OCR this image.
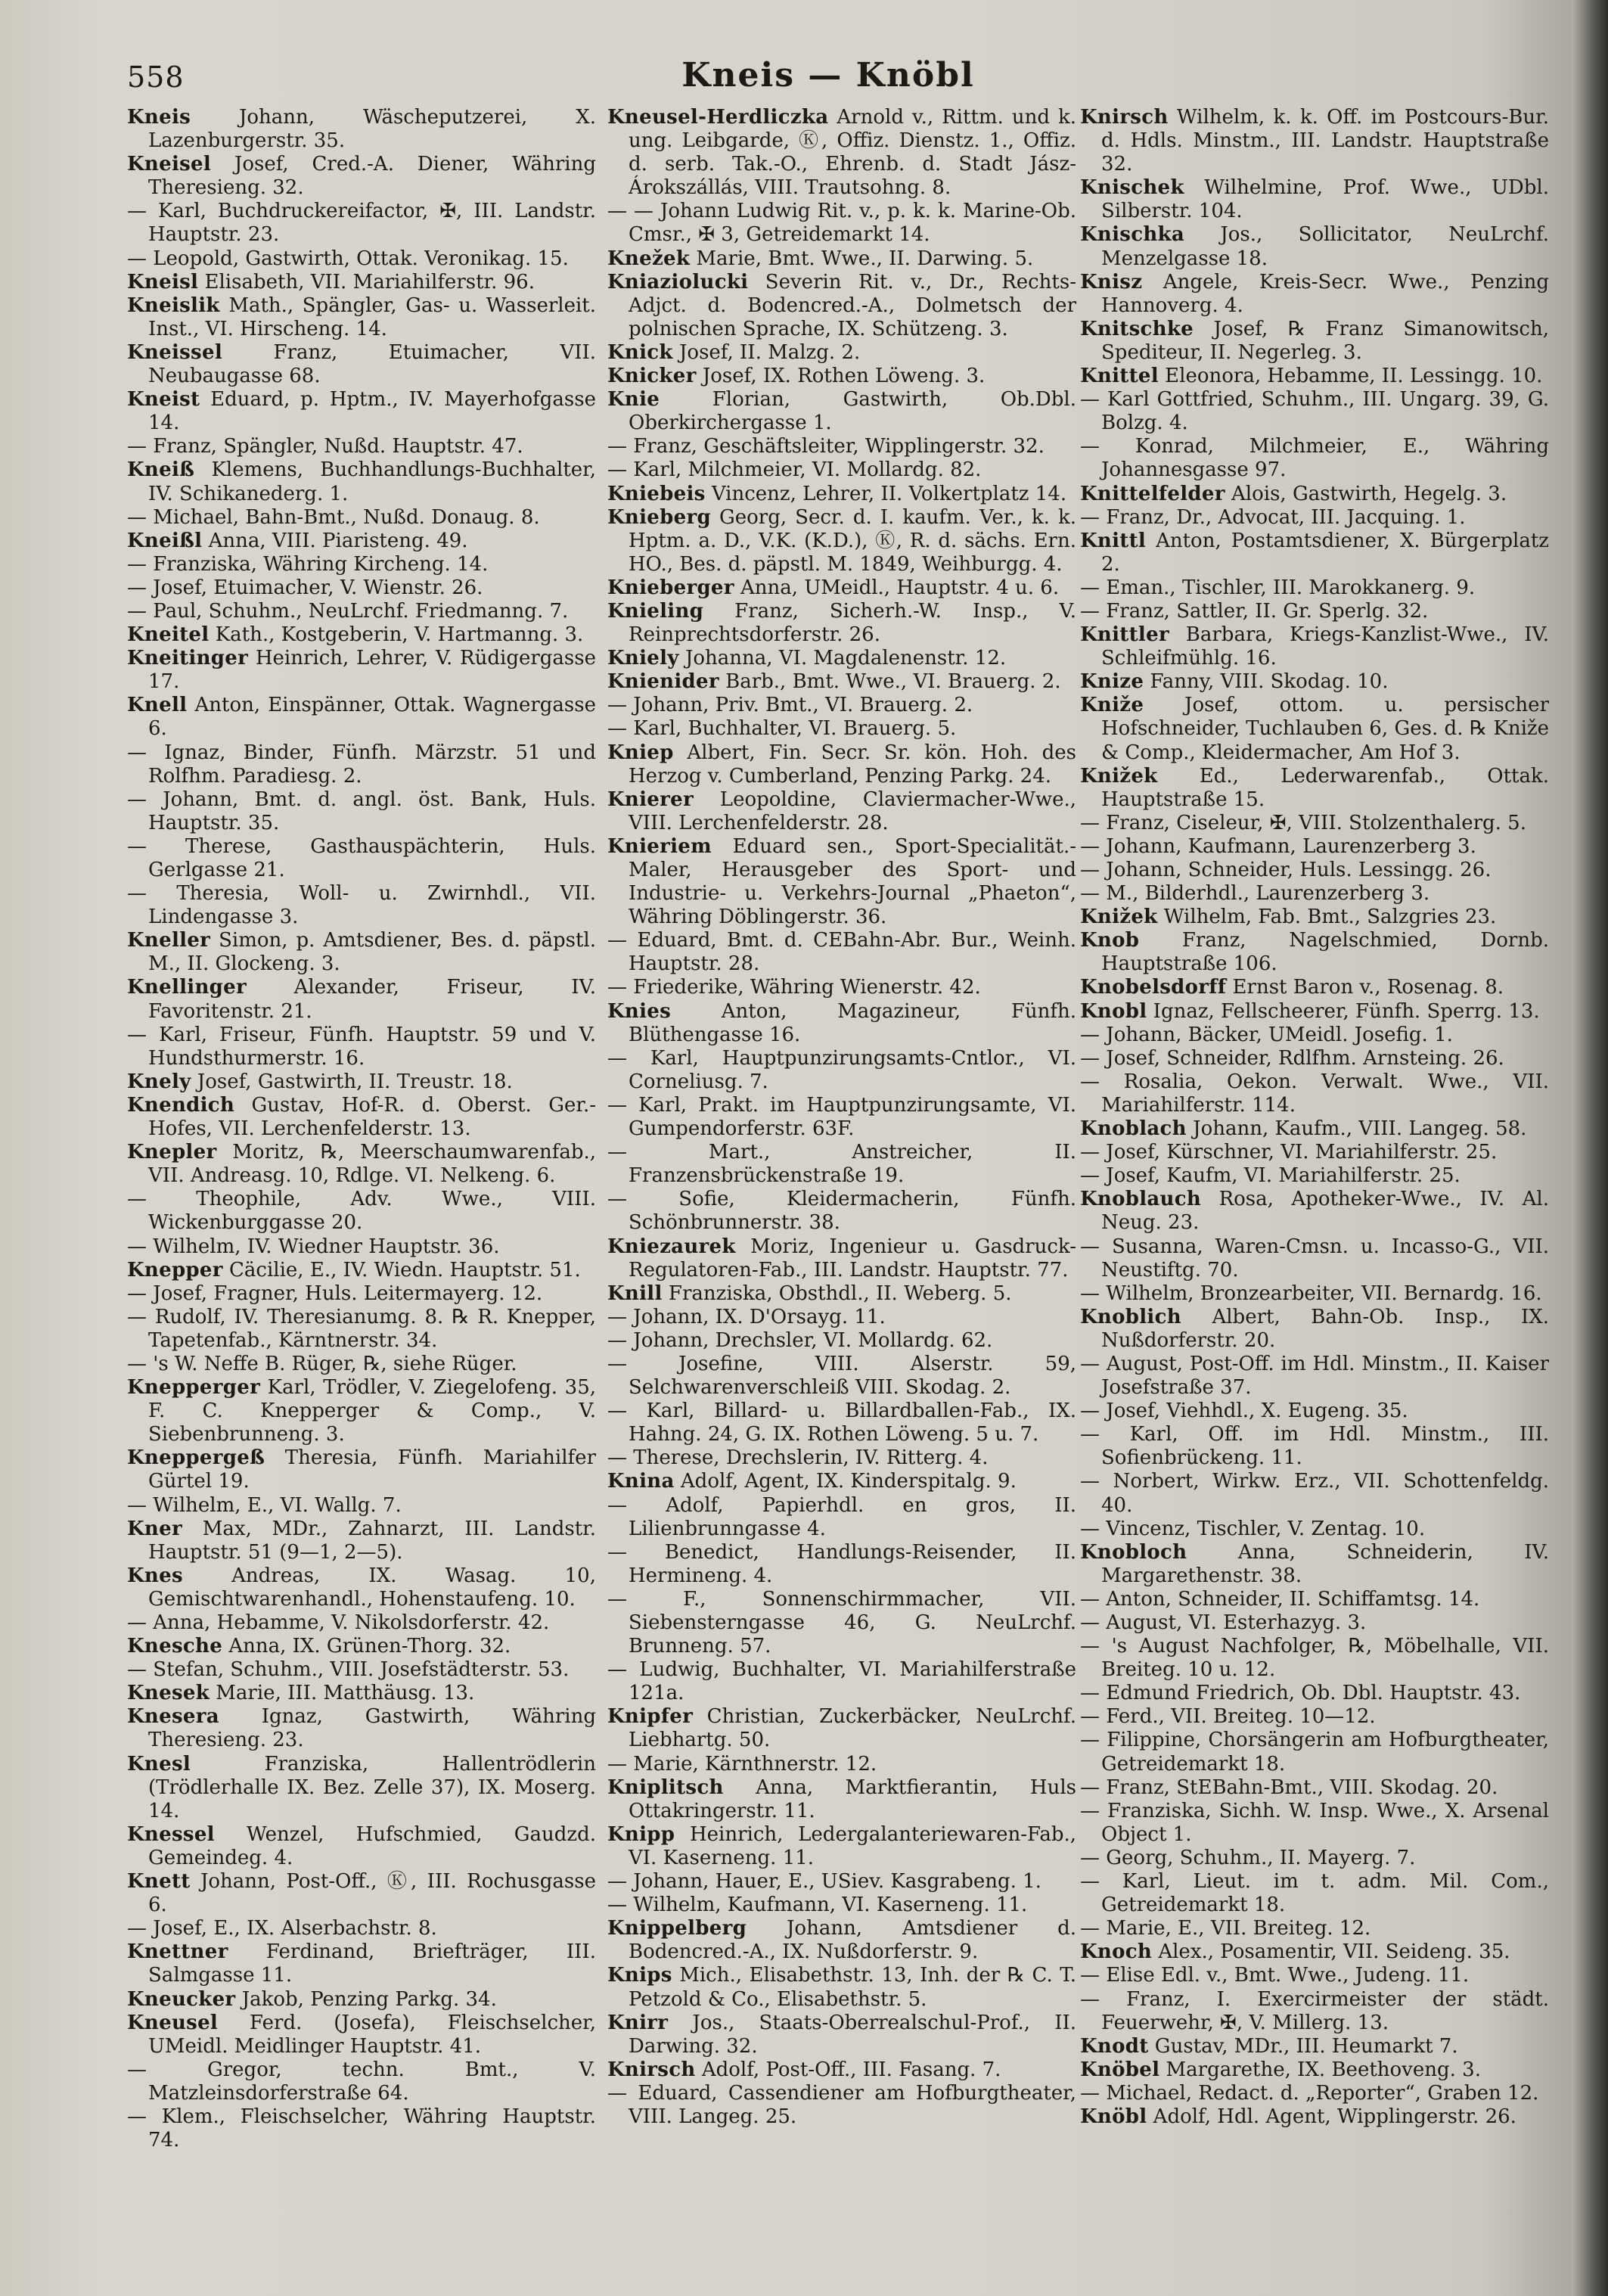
558	Kneis — Knöbl

Kneis Johann, Wäscheputzerei, X. Lazenburgerstr. 35.

Kneisel Josef, Cred.-A. Diener, Währing Theresieng. 32.

— Karl, Buchdruckereifactor, ✠, III. Landstr. Hauptstr. 23.

— Leopold, Gastwirth, Ottak. Veronikag. 15.

Kneisl Elisabeth, VII. Mariahilferstr. 96.

Kneislik Math., Spängler, Gas- u. Wasserleit. Inst., VI. Hirscheng. 14.

Kneissel Franz, Etuimacher, VII. Neubaugasse 68.

Kneist Eduard, p. Hptm., IV. Mayerhofgasse 14.

— Franz, Spängler, Nußd. Hauptstr. 47.

Kneiß Klemens, Buchhandlungs-Buchhalter, IV. Schikanederg. 1.

— Michael, Bahn-Bmt., Nußd. Donaug. 8.

Kneißl Anna, VIII. Piaristeng. 49.

— Franziska, Währing Kircheng. 14.

— Josef, Etuimacher, V. Wienstr. 26.

— Paul, Schuhm., NeuLrchf. Friedmanng. 7.

Kneitel Kath., Kostgeberin, V. Hartmanng. 3.

Kneitinger Heinrich, Lehrer, V. Rüdigergasse 17.

Knell Anton, Einspänner, Ottak. Wagnergasse 6.

— Ignaz, Binder, Fünfh. Märzstr. 51 und Rolfhm. Paradiesg. 2.

— Johann, Bmt. d. angl. öst. Bank, Huls. Hauptstr. 35.

— Therese, Gasthauspächterin, Huls. Gerlgasse 21.

— Theresia, Woll- u. Zwirnhdl., VII. Lindengasse 3.

Kneller Simon, p. Amtsdiener, Bes. d. päpstl. M., II. Glockeng. 3.

Knellinger Alexander, Friseur, IV. Favoritenstr. 21.

— Karl, Friseur, Fünfh. Hauptstr. 59 und V. Hundsthurmerstr. 16.

Knely Josef, Gastwirth, II. Treustr. 18.

Knendich Gustav, Hof-R. d. Oberst. Ger.-Hofes, VII. Lerchenfelderstr. 13.

Knepler Moritz, ℞, Meerschaumwarenfab., VII. Andreasg. 10, Rdlge. VI. Nelkeng. 6.

— Theophile, Adv. Wwe., VIII. Wickenburggasse 20.

— Wilhelm, IV. Wiedner Hauptstr. 36.

Knepper Cäcilie, E., IV. Wiedn. Hauptstr. 51.

— Josef, Fragner, Huls. Leitermayerg. 12.

— Rudolf, IV. Theresianumg. 8. ℞ R. Knepper, Tapetenfab., Kärntnerstr. 34.

— 's W. Neffe B. Rüger, ℞, siehe Rüger.

Knepperger Karl, Trödler, V. Ziegelofeng. 35, F. C. Knepperger & Comp., V. Siebenbrunneng. 3.

Kneppergeß Theresia, Fünfh. Mariahilfer Gürtel 19.

— Wilhelm, E., VI. Wallg. 7.

Kner Max, MDr., Zahnarzt, III. Landstr. Hauptstr. 51 (9—1, 2—5).

Knes Andreas, IX. Wasag. 10, Gemischtwarenhandl., Hohenstaufeng. 10.

— Anna, Hebamme, V. Nikolsdorferstr. 42.

Knesche Anna, IX. Grünen-Thorg. 32.

— Stefan, Schuhm., VIII. Josefstädterstr. 53.

Knesek Marie, III. Matthäusg. 13.

Knesera Ignaz, Gastwirth, Währing Theresieng. 23.

Knesl Franziska, Hallentrödlerin (Trödlerhalle IX. Bez. Zelle 37), IX. Moserg. 14.

Knessel Wenzel, Hufschmied, Gaudzd. Gemeindeg. 4.

Knett Johann, Post-Off., Ⓚ, III. Rochusgasse 6.

— Josef, E., IX. Alserbachstr. 8.

Knettner Ferdinand, Briefträger, III. Salmgasse 11.

Kneucker Jakob, Penzing Parkg. 34.

Kneusel Ferd. (Josefa), Fleischselcher, UMeidl. Meidlinger Hauptstr. 41.

— Gregor, techn. Bmt., V. Matzleinsdorferstraße 64.

— Klem., Fleischselcher, Währing Hauptstr. 74.

Kneusel-Herdliczka Arnold v., Rittm. und k. ung. Leibgarde, Ⓚ, Offiz. Dienstz. 1., Offiz. d. serb. Tak.-O., Ehrenb. d. Stadt Jász-Árokszállás, VIII. Trautsohng. 8.

— — Johann Ludwig Rit. v., p. k. k. Marine-Ob. Cmsr., ✠ 3, Getreidemarkt 14.

Knežek Marie, Bmt. Wwe., II. Darwing. 5.

Kniaziolucki Severin Rit. v., Dr., Rechts-Adjct. d. Bodencred.-A., Dolmetsch der polnischen Sprache, IX. Schützeng. 3.

Knick Josef, II. Malzg. 2.

Knicker Josef, IX. Rothen Löweng. 3.

Knie Florian, Gastwirth, Ob.Dbl. Oberkirchergasse 1.

— Franz, Geschäftsleiter, Wipplingerstr. 32.

— Karl, Milchmeier, VI. Mollardg. 82.

Kniebeis Vincenz, Lehrer, II. Volkertplatz 14.

Knieberg Georg, Secr. d. I. kaufm. Ver., k. k. Hptm. a. D., V.K. (K.D.), Ⓚ, R. d. sächs. Ern. HO., Bes. d. päpstl. M. 1849, Weihburgg. 4.

Knieberger Anna, UMeidl., Hauptstr. 4 u. 6.

Knieling Franz, Sicherh.-W. Insp., V. Reinprechtsdorferstr. 26.

Kniely Johanna, VI. Magdalenenstr. 12.

Knienider Barb., Bmt. Wwe., VI. Brauerg. 2.

— Johann, Priv. Bmt., VI. Brauerg. 2.

— Karl, Buchhalter, VI. Brauerg. 5.

Kniep Albert, Fin. Secr. Sr. kön. Hoh. des Herzog v. Cumberland, Penzing Parkg. 24.

Knierer Leopoldine, Claviermacher-Wwe., VIII. Lerchenfelderstr. 28.

Knieriem Eduard sen., Sport-Specialität.-Maler, Herausgeber des Sport- und Industrie- u. Verkehrs-Journal „Phaeton“, Währing Döblingerstr. 36.

— Eduard, Bmt. d. CEBahn-Abr. Bur., Weinh. Hauptstr. 28.

— Friederike, Währing Wienerstr. 42.

Knies Anton, Magazineur, Fünfh. Blüthengasse 16.

— Karl, Hauptpunzirungsamts-Cntlor., VI. Corneliusg. 7.

— Karl, Prakt. im Hauptpunzirungsamte, VI. Gumpendorferstr. 63F.

— Mart., Anstreicher, II. Franzensbrückenstraße 19.

— Sofie, Kleidermacherin, Fünfh. Schönbrunnerstr. 38.

Kniezaurek Moriz, Ingenieur u. Gasdruck-Regulatoren-Fab., III. Landstr. Hauptstr. 77.

Knill Franziska, Obsthdl., II. Weberg. 5.

— Johann, IX. D'Orsayg. 11.

— Johann, Drechsler, VI. Mollardg. 62.

— Josefine, VIII. Alserstr. 59, Selchwarenverschleiß VIII. Skodag. 2.

— Karl, Billard- u. Billardballen-Fab., IX. Hahng. 24, G. IX. Rothen Löweng. 5 u. 7.

— Therese, Drechslerin, IV. Ritterg. 4.

Knina Adolf, Agent, IX. Kinderspitalg. 9.

— Adolf, Papierhdl. en gros, II. Lilienbrunngasse 4.

— Benedict, Handlungs-Reisender, II. Hermineng. 4.

— F., Sonnenschirmmacher, VII. Siebensterngasse 46, G. NeuLrchf. Brunneng. 57.

— Ludwig, Buchhalter, VI. Mariahilferstraße 121a.

Knipfer Christian, Zuckerbäcker, NeuLrchf. Liebhartg. 50.

— Marie, Kärnthnerstr. 12.

Kniplitsch Anna, Marktfierantin, Huls Ottakringerstr. 11.

Knipp Heinrich, Ledergalanteriewaren-Fab., VI. Kaserneng. 11.

— Johann, Hauer, E., USiev. Kasgrabeng. 1.

— Wilhelm, Kaufmann, VI. Kaserneng. 11.

Knippelberg Johann, Amtsdiener d. Bodencred.-A., IX. Nußdorferstr. 9.

Knips Mich., Elisabethstr. 13, Inh. der ℞ C. T. Petzold & Co., Elisabethstr. 5.

Knirr Jos., Staats-Oberrealschul-Prof., II. Darwing. 32.

Knirsch Adolf, Post-Off., III. Fasang. 7.

— Eduard, Cassendiener am Hofburgtheater, VIII. Langeg. 25.

Knirsch Wilhelm, k. k. Off. im Postcours-Bur. d. Hdls. Minstm., III. Landstr. Hauptstraße 32.

Knischek Wilhelmine, Prof. Wwe., UDbl. Silberstr. 104.

Knischka Jos., Sollicitator, NeuLrchf. Menzelgasse 18.

Knisz Angele, Kreis-Secr. Wwe., Penzing Hannoverg. 4.

Knitschke Josef, ℞ Franz Simanowitsch, Spediteur, II. Negerleg. 3.

Knittel Eleonora, Hebamme, II. Lessingg. 10.

— Karl Gottfried, Schuhm., III. Ungarg. 39, G. Bolzg. 4.

— Konrad, Milchmeier, E., Währing Johannesgasse 97.

Knittelfelder Alois, Gastwirth, Hegelg. 3.

— Franz, Dr., Advocat, III. Jacquing. 1.

Knittl Anton, Postamtsdiener, X. Bürgerplatz 2.

— Eman., Tischler, III. Marokkanerg. 9.

— Franz, Sattler, II. Gr. Sperlg. 32.

Knittler Barbara, Kriegs-Kanzlist-Wwe., IV. Schleifmühlg. 16.

Knize Fanny, VIII. Skodag. 10.

Kniže Josef, ottom. u. persischer Hofschneider, Tuchlauben 6, Ges. d. ℞ Kniže & Comp., Kleidermacher, Am Hof 3.

Knižek Ed., Lederwarenfab., Ottak. Hauptstraße 15.

— Franz, Ciseleur, ✠, VIII. Stolzenthalerg. 5.

— Johann, Kaufmann, Laurenzerberg 3.

— Johann, Schneider, Huls. Lessingg. 26.

— M., Bilderhdl., Laurenzerberg 3.

Knižek Wilhelm, Fab. Bmt., Salzgries 23.

Knob Franz, Nagelschmied, Dornb. Hauptstraße 106.

Knobelsdorff Ernst Baron v., Rosenag. 8.

Knobl Ignaz, Fellscheerer, Fünfh. Sperrg. 13.

— Johann, Bäcker, UMeidl. Josefig. 1.

— Josef, Schneider, Rdlfhm. Arnsteing. 26.

— Rosalia, Oekon. Verwalt. Wwe., VII. Mariahilferstr. 114.

Knoblach Johann, Kaufm., VIII. Langeg. 58.

— Josef, Kürschner, VI. Mariahilferstr. 25.

— Josef, Kaufm, VI. Mariahilferstr. 25.

Knoblauch Rosa, Apotheker-Wwe., IV. Al. Neug. 23.

— Susanna, Waren-Cmsn. u. Incasso-G., VII. Neustiftg. 70.

— Wilhelm, Bronzearbeiter, VII. Bernardg. 16.

Knoblich Albert, Bahn-Ob. Insp., IX. Nußdorferstr. 20.

— August, Post-Off. im Hdl. Minstm., II. Kaiser Josefstraße 37.

— Josef, Viehhdl., X. Eugeng. 35.

— Karl, Off. im Hdl. Minstm., III. Sofienbrückeng. 11.

— Norbert, Wirkw. Erz., VII. Schottenfeldg. 40.

— Vincenz, Tischler, V. Zentag. 10.

Knobloch Anna, Schneiderin, IV. Margarethenstr. 38.

— Anton, Schneider, II. Schiffamtsg. 14.

— August, VI. Esterhazyg. 3.

— 's August Nachfolger, ℞, Möbelhalle, VII. Breiteg. 10 u. 12.

— Edmund Friedrich, Ob. Dbl. Hauptstr. 43.

— Ferd., VII. Breiteg. 10—12.

— Filippine, Chorsängerin am Hofburgtheater, Getreidemarkt 18.

— Franz, StEBahn-Bmt., VIII. Skodag. 20.

— Franziska, Sichh. W. Insp. Wwe., X. Arsenal Object 1.

— Georg, Schuhm., II. Mayerg. 7.

— Karl, Lieut. im t. adm. Mil. Com., Getreidemarkt 18.

— Marie, E., VII. Breiteg. 12.

Knoch Alex., Posamentir, VII. Seideng. 35.

— Elise Edl. v., Bmt. Wwe., Judeng. 11.

— Franz, I. Exercirmeister der städt. Feuerwehr, ✠, V. Millerg. 13.

Knodt Gustav, MDr., III. Heumarkt 7.

Knöbel Margarethe, IX. Beethoveng. 3.

— Michael, Redact. d. „Reporter“, Graben 12.

Knöbl Adolf, Hdl. Agent, Wipplingerstr. 26.
